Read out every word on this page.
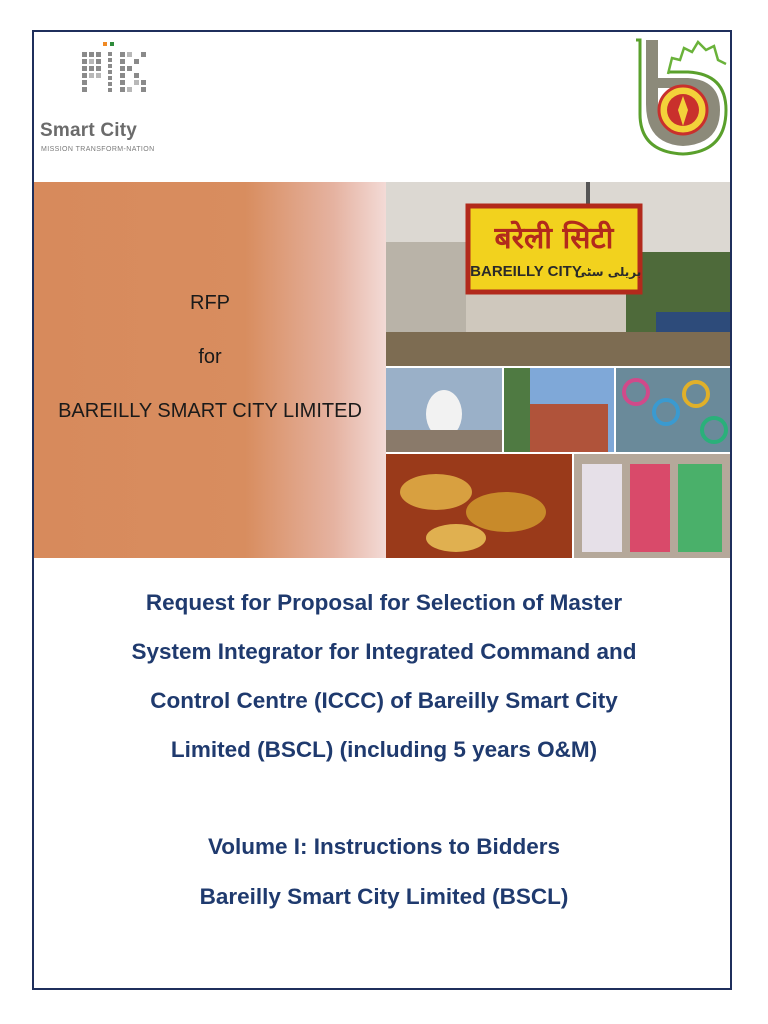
Smart City
MISSION TRANSFORM-NATION
RFP
for
BAREILLY SMART CITY LIMITED
बरेली सिटी
BAREILLY CITY
بریلی سٹی
Request for Proposal for Selection of Master
System Integrator for Integrated Command and
Control Centre (ICCC) of Bareilly Smart City
Limited (BSCL) (including 5 years O&M)
Volume I: Instructions to Bidders
Bareilly Smart City Limited (BSCL)
